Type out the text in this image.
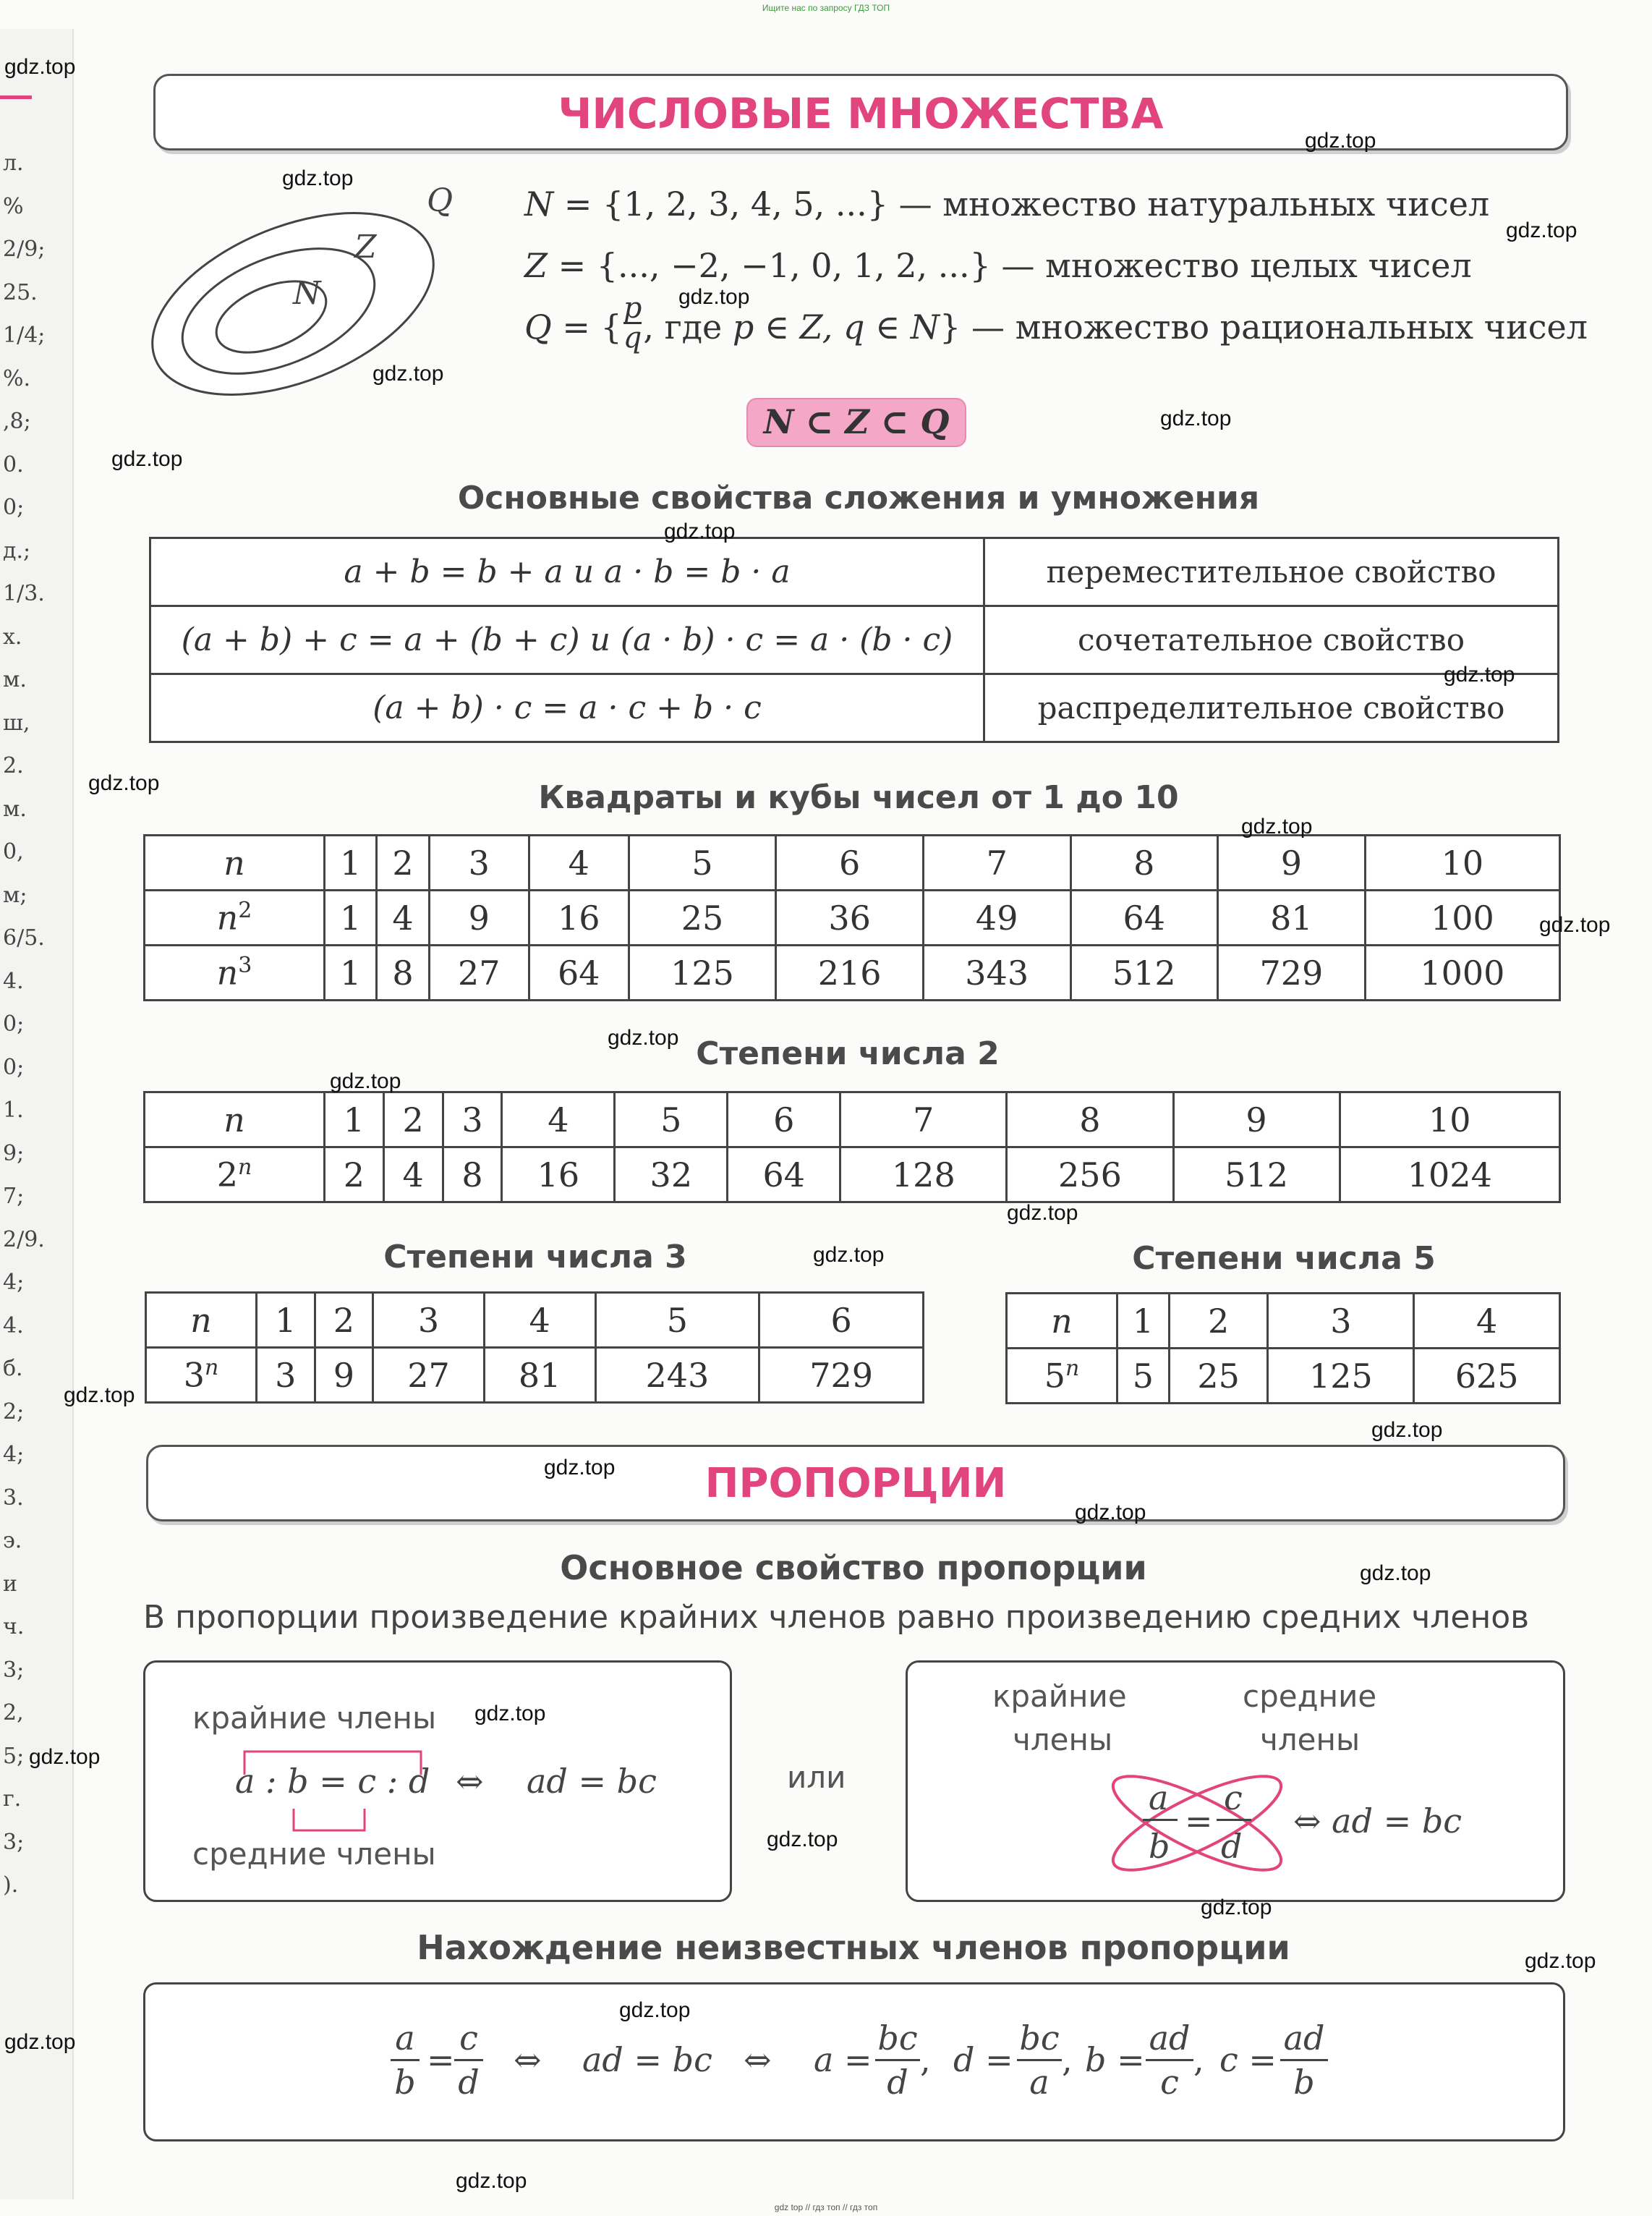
Ищите нас по запросу ГДЗ ТОП
gdz top // гдз топ // гдз топ
л.
%
2/9;
25.
1/4;
%.
,8;
0.
0;
д.;
1/3.
х.
м.
ш,
2.
м.
0,
м;
6/5.
4.
0;
0;
1.
9;
7;
2/9.
4;
4.
б.
2;
4;
3.
э.
и
ч.
3;
2,
5;
г.
3;
).
ЧИСЛОВЫЕ МНОЖЕСТВА
Q
Z
N
N = {1, 2, 3, 4, 5, ...} — множество натуральных чисел
Z = {..., −2, −1, 0, 1, 2, ...} — множество целых чисел
Q = { $\frac{p}{q}$ , где p ∈ Z, q ∈ N} — множество рациональных чисел
N ⊂ Z ⊂ Q
Основные свойства сложения и умножения
a + b = b + a и a · b = b · a	переместительное свойство
(a + b) + c = a + (b + c) и (a · b) · c = a · (b · c)	сочетательное свойство
(a + b) · c = a · c + b · c	распределительное свойство
Квадраты и кубы чисел от 1 до 10
n	1	2	3	4	5	6	7	8	9	10
$n^2$	1	4	9	16	25	36	49	64	81	100
$n^3$	1	8	27	64	125	216	343	512	729	1000
Степени числа 2
n	1	2	3	4	5	6	7	8	9	10
2$^n$	2	4	8	16	32	64	128	256	512	1024
Степени числа 3	Степени числа 5
n	1	2	3	4	5	6
3$^n$	3	9	27	81	243	729
n	1	2	3	4
5$^n$	5	25	125	625
ПРОПОРЦИИ
Основное свойство пропорции
В пропорции произведение крайних членов равно произведению средних членов
крайние члены
a : b = c : d ⇔ ad = bc
средние члены
или
крайние
члены
средние
члены
a c
b d
= ⇔ ad = bc
Нахождение неизвестных членов пропорции
a
b
=
c
d
⇔ ad = bc ⇔ a =
bc
d
, d =
bc
a
, b =
ad
c
, c =
ad
b
gdz.top
gdz.top
gdz.top
gdz.top
gdz.top
gdz.top
gdz.top
gdz.top
gdz.top
gdz.top
gdz.top
gdz.top
gdz.top
gdz.top
gdz.top
gdz.top
gdz.top
gdz.top
gdz.top
gdz.top
gdz.top
gdz.top
gdz.top
gdz.top
gdz.top
gdz.top
gdz.top
gdz.top
gdz.top
gdz.top
